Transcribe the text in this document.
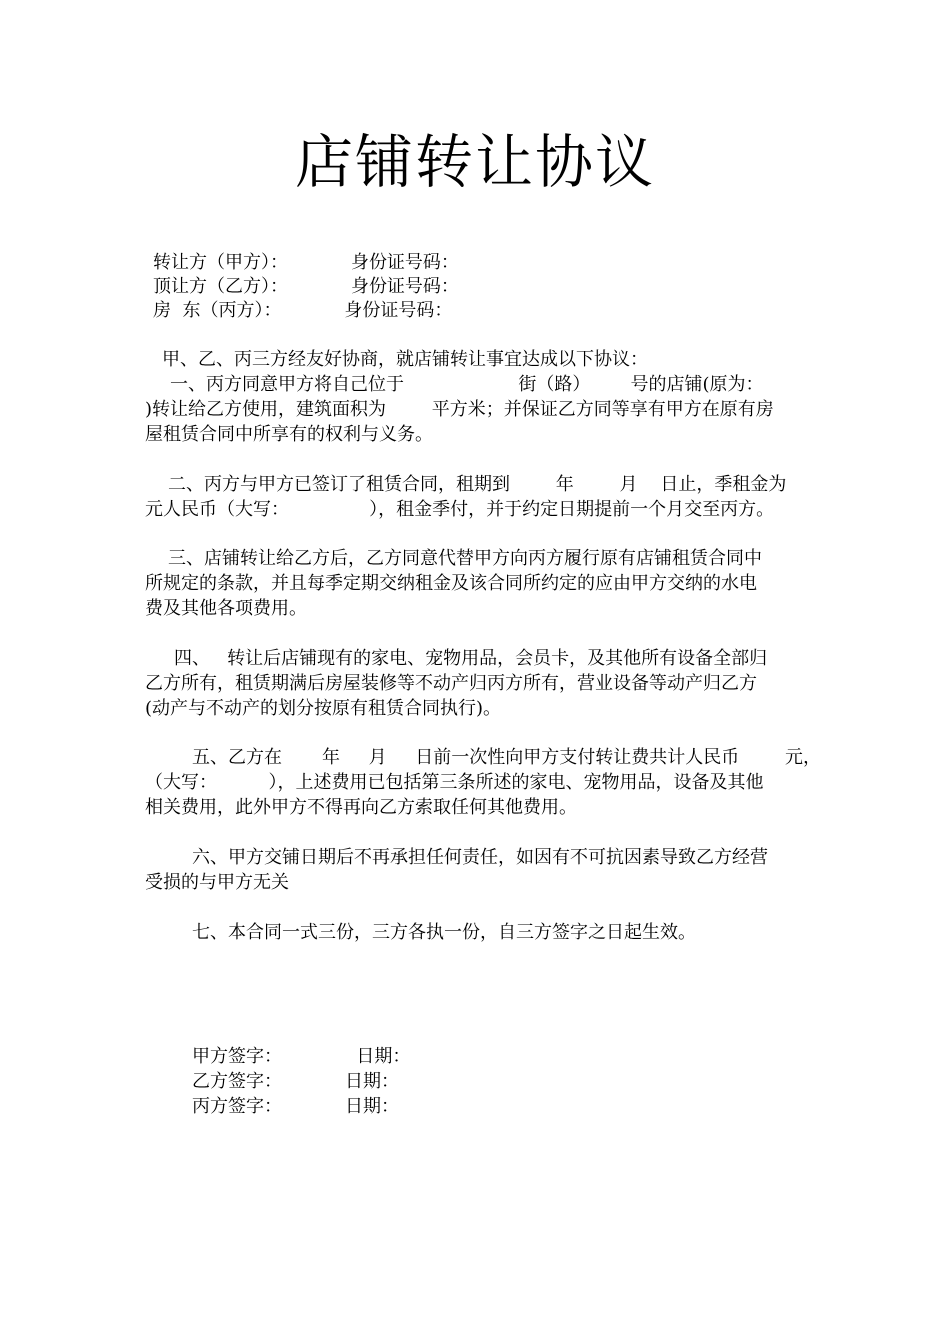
店铺转让协议
转让方（甲方）：           身份证号码：
顶让方（乙方）：           身份证号码：
房  东（丙方）：           身份证号码：
甲、乙、丙三方经友好协商，就店铺转让事宜达成以下协议：
一、丙方同意甲方将自己位于                    街（路）       号的店铺(原为：
)转让给乙方使用，建筑面积为        平方米；并保证乙方同等享有甲方在原有房
屋租赁合同中所享有的权利与义务。
二、丙方与甲方已签订了租赁合同，租期到        年        月    日止，季租金为
元人民币（大写：              ），租金季付，并于约定日期提前一个月交至丙方。
三、店铺转让给乙方后，乙方同意代替甲方向丙方履行原有店铺租赁合同中
所规定的条款，并且每季定期交纳租金及该合同所约定的应由甲方交纳的水电
费及其他各项费用。
四、   转让后店铺现有的家电、宠物用品，会员卡，及其他所有设备全部归
乙方所有，租赁期满后房屋装修等不动产归丙方所有，营业设备等动产归乙方
(动产与不动产的划分按原有租赁合同执行)。
五、乙方在       年     月     日前一次性向甲方支付转让费共计人民币        元，
（大写：         ），上述费用已包括第三条所述的家电、宠物用品，设备及其他
相关费用，此外甲方不得再向乙方索取任何其他费用。
六、甲方交铺日期后不再承担任何责任，如因有不可抗因素导致乙方经营
受损的与甲方无关
七、本合同一式三份，三方各执一份，自三方签字之日起生效。
甲方签字：             日期：
乙方签字：           日期：
丙方签字：           日期：
